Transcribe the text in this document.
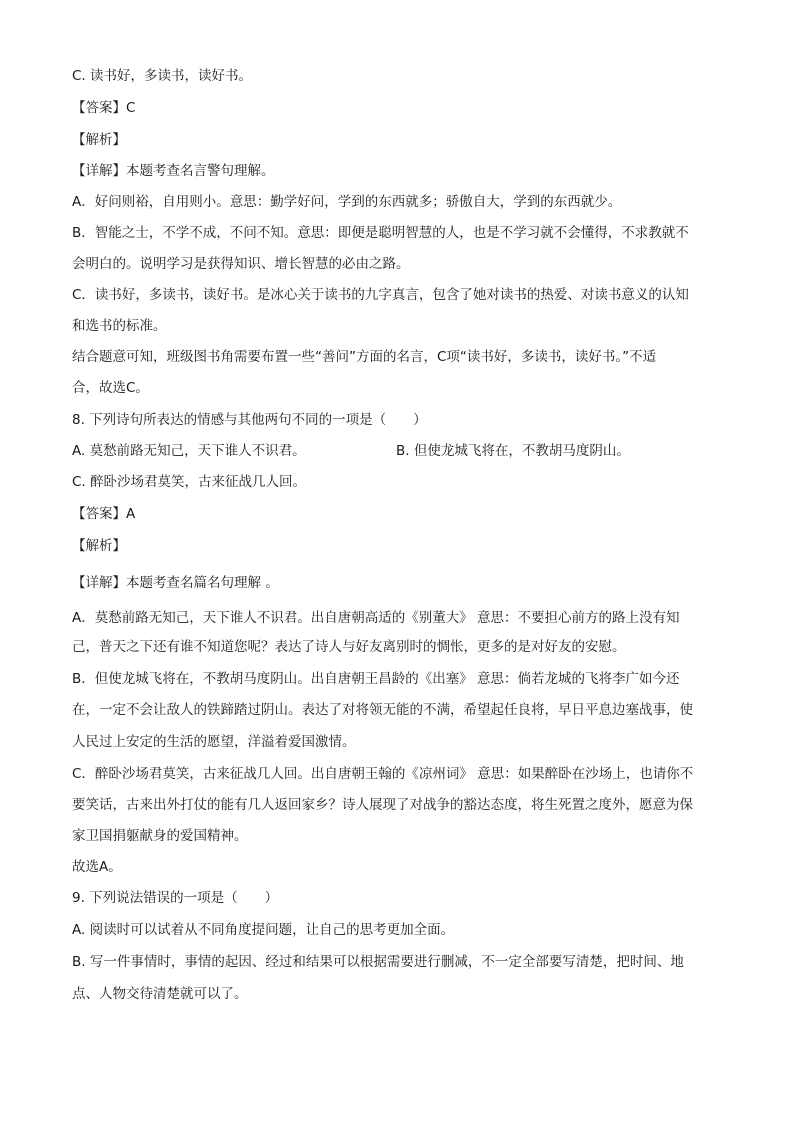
C. 读书好，多读书，读好书。
【答案】C
【解析】
【详解】本题考查名言警句理解。
A．好问则裕，自用则小。意思：勤学好问，学到的东西就多；骄傲自大，学到的东西就少。
B．智能之士，不学不成，不问不知。意思：即便是聪明智慧的人，也是不学习就不会懂得，不求教就不
会明白的。说明学习是获得知识、增长智慧的必由之路。
C．读书好，多读书，读好书。是冰心关于读书的九字真言，包含了她对读书的热爱、对读书意义的认知
和选书的标准。
结合题意可知，班级图书角需要布置一些“善问”方面的名言，C项“读书好，多读书，读好书。”不适
合，故选C。
8. 下列诗句所表达的情感与其他两句不同的一项是（　　）
A. 莫愁前路无知己，天下谁人不识君。	B. 但使龙城飞将在，不教胡马度阴山。
C. 醉卧沙场君莫笑，古来征战几人回。
【答案】A
【解析】
【详解】本题考查名篇名句理解 。
A．莫愁前路无知己，天下谁人不识君。出自唐朝高适的《别董大》 意思：不要担心前方的路上没有知
己，普天之下还有谁不知道您呢？表达了诗人与好友离别时的惆怅，更多的是对好友的安慰。
B．但使龙城飞将在，不教胡马度阴山。出自唐朝王昌龄的《出塞》 意思：倘若龙城的飞将李广如今还
在，一定不会让敌人的铁蹄踏过阴山。表达了对将领无能的不满，希望起任良将，早日平息边塞战事，使
人民过上安定的生活的愿望，洋溢着爱国激情。
C．醉卧沙场君莫笑，古来征战几人回。出自唐朝王翰的《凉州词》 意思：如果醉卧在沙场上，也请你不
要笑话，古来出外打仗的能有几人返回家乡？诗人展现了对战争的豁达态度，将生死置之度外，愿意为保
家卫国捐躯献身的爱国精神。
故选A。
9. 下列说法错误的一项是（　　）
A. 阅读时可以试着从不同角度提问题，让自己的思考更加全面。
B. 写一件事情时，事情的起因、经过和结果可以根据需要进行删减，不一定全部要写清楚，把时间、地
点、人物交待清楚就可以了。
